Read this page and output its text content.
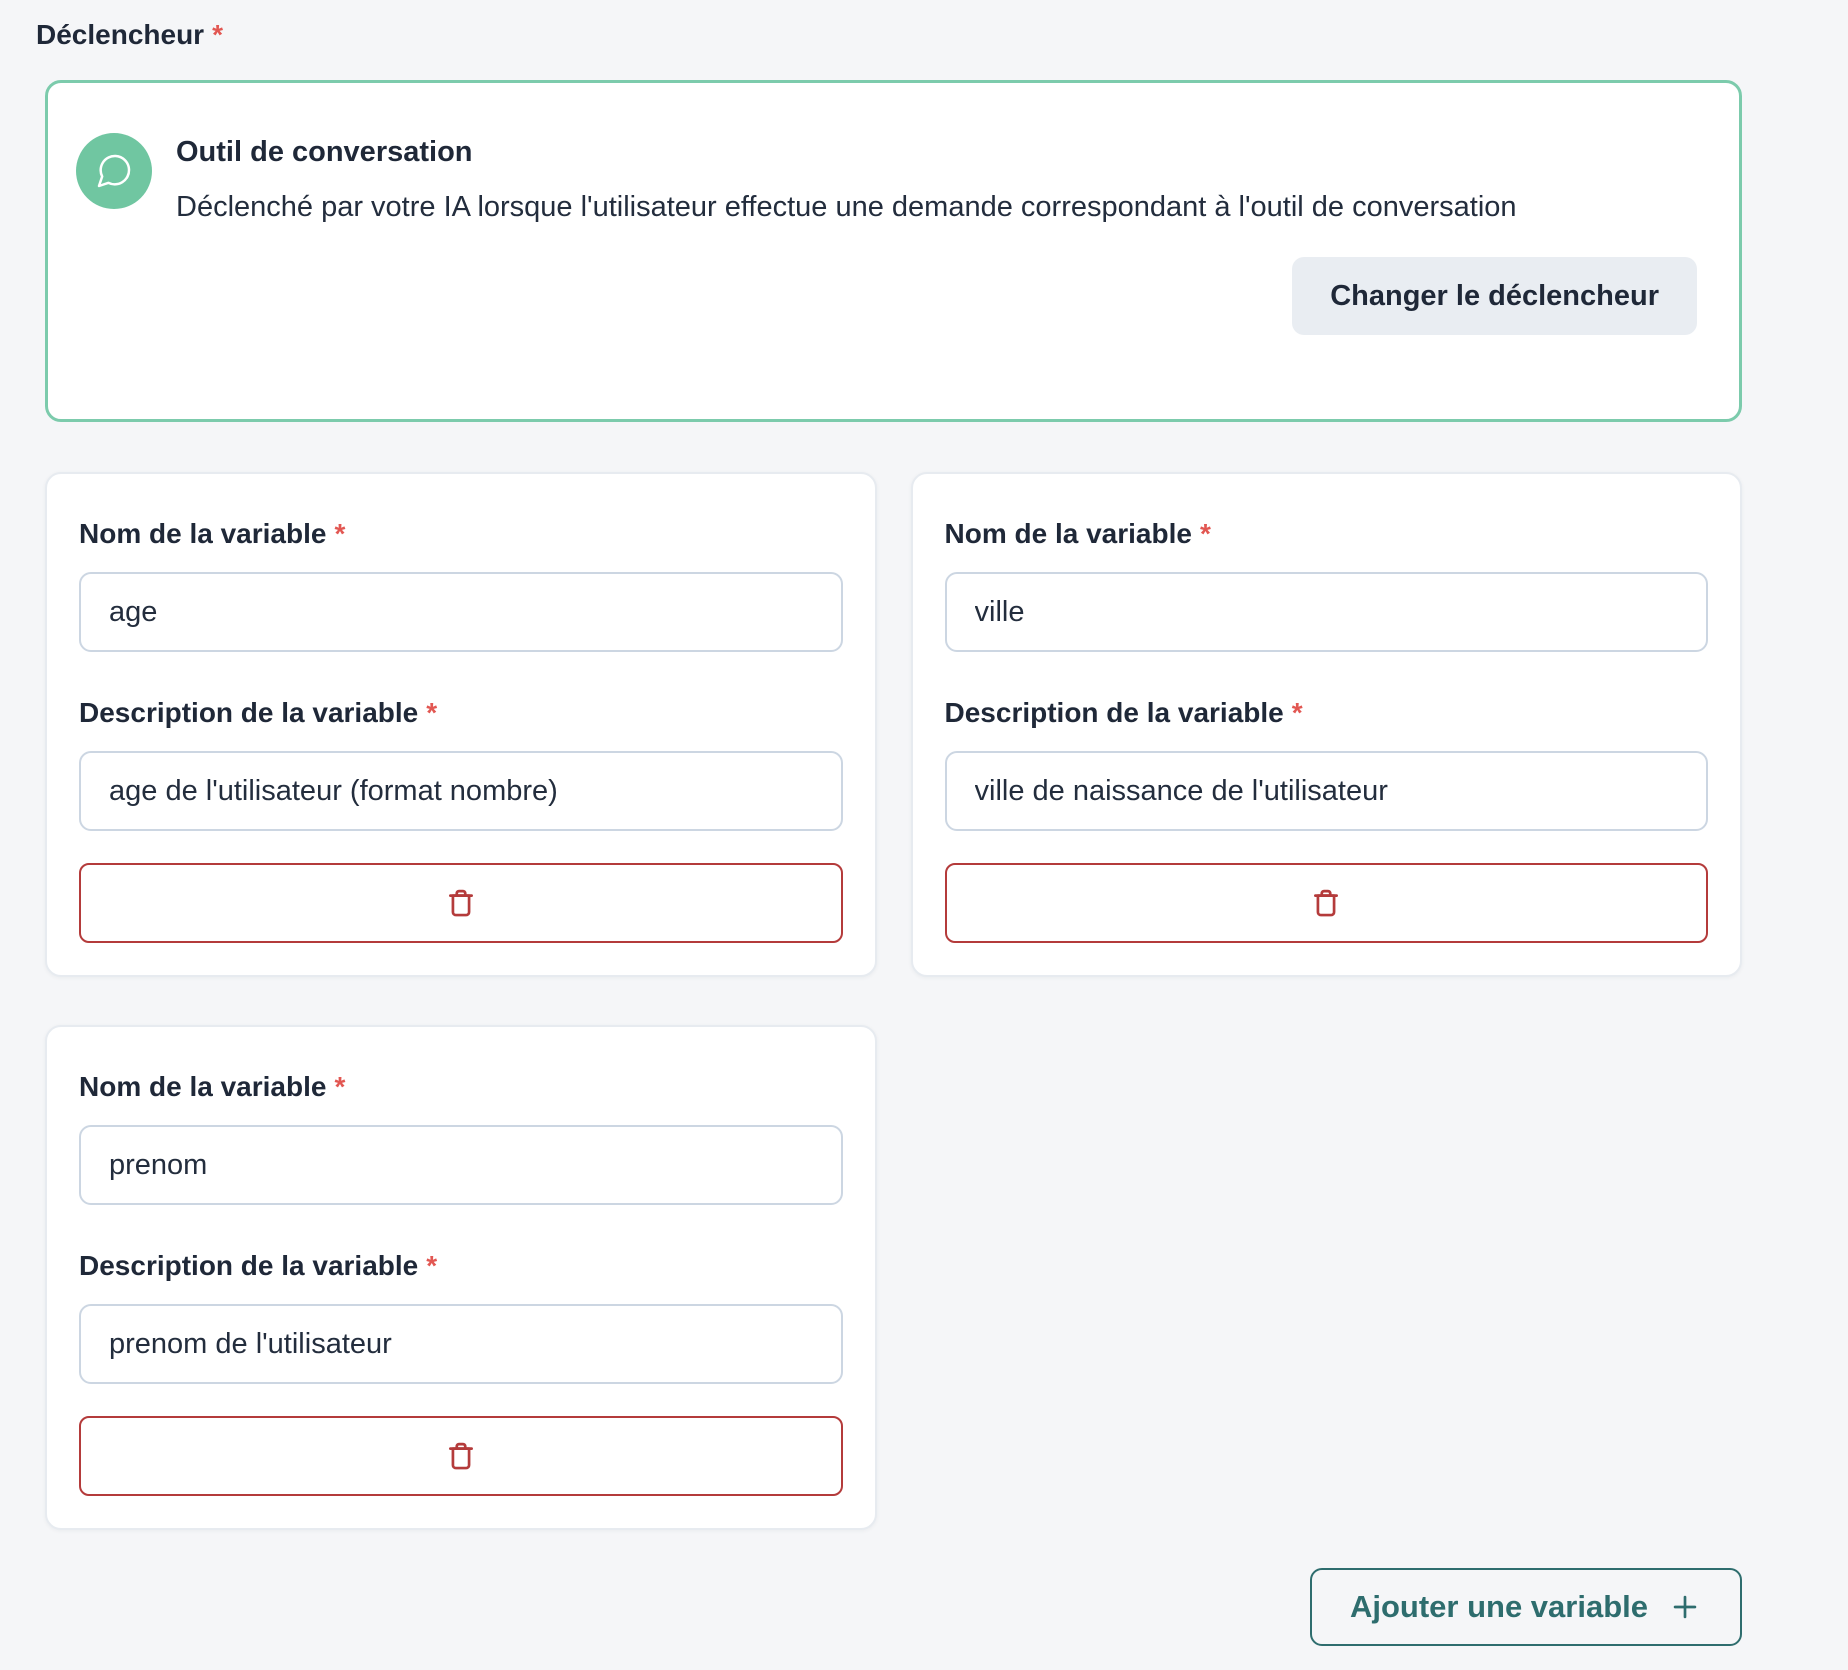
Déclencheur *
Outil de conversation

Déclenché par votre IA lorsque l'utilisateur effectue une demande correspondant à l'outil de conversation

Changer le déclencheur

Nom de la variable *

age

Description de la variable *

age de l'utilisateur (format nombre)

Nom de la variable *

ville

Description de la variable *

ville de naissance de l'utilisateur

Nom de la variable *

prenom

Description de la variable *

prenom de l'utilisateur
Ajouter une variable
